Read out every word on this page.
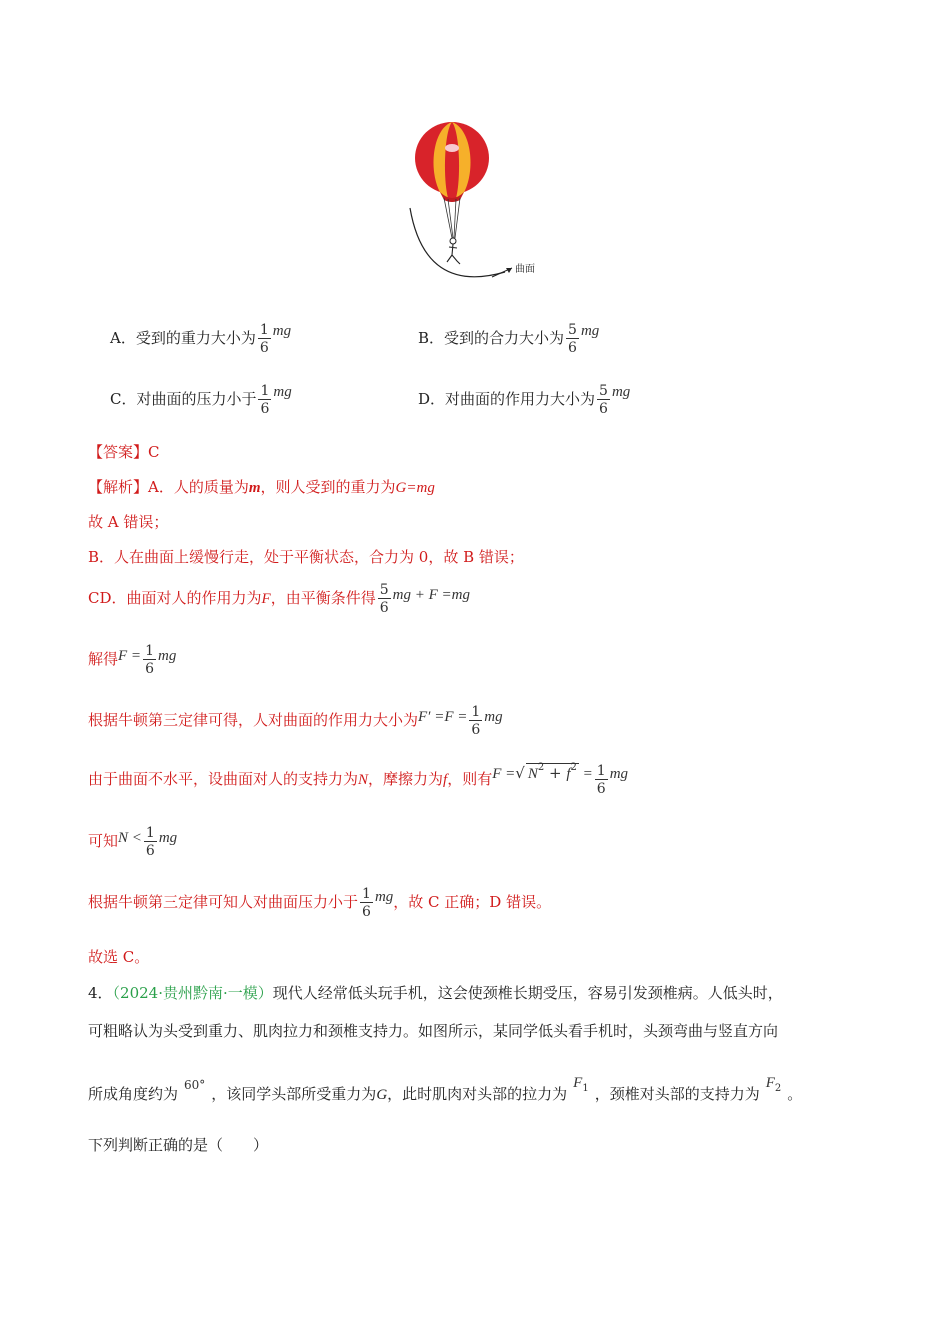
曲面
A．受到的重力大小为 $\frac{1}{6}$ mg	B．受到的合力大小为 $\frac{5}{6}$ mg
C．对曲面的压力小于 $\frac{1}{6}$ mg	D．对曲面的作用力大小为 $\frac{5}{6}$ mg
【答案】C
【解析】A．人的质量为m，则人受到的重力为G=mg
故 A 错误；
B．人在曲面上缓慢行走，处于平衡状态，合力为 0，故 B 错误；
CD．曲面对人的作用力为F，由平衡条件得 $\frac{5}{6}$ mg + F =mg
解得$F = \frac{1}{6}$ mg
根据牛顿第三定律可得，人对曲面的作用力大小为$F' =F = \frac{1}{6}$ mg
由于曲面不水平，设曲面对人的支持力为N，摩擦力为f，则有F =√ $N^2 + f^2 = \frac{1}{6}$ mg
可知$N < \frac{1}{6}$ mg
根据牛顿第三定律可知人对曲面压力小于 $\frac{1}{6}$ mg，故 C 正确；D 错误。
故选 C。
4．（2024·贵州黔南·一模）现代人经常低头玩手机，这会使颈椎长期受压，容易引发颈椎病。人低头时，
可粗略认为头受到重力、肌肉拉力和颈椎支持力。如图所示，某同学低头看手机时，头颈弯曲与竖直方向
所成角度约为 $^{60^\circ}$ ，该同学头部所受重力为G，此时肌肉对头部的拉力为$F_1$ ，颈椎对头部的支持力为$F_2$ 。
下列判断正确的是（　　）
